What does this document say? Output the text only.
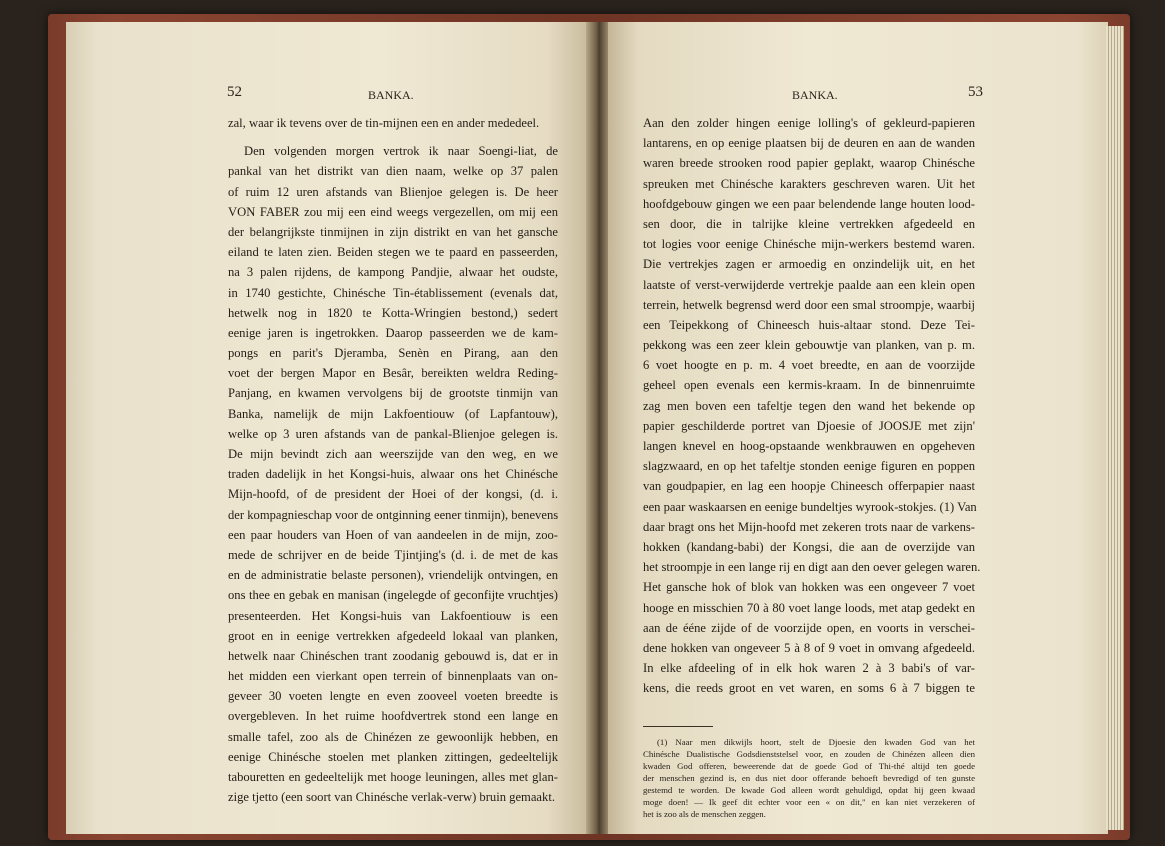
52	BANKA.	BANKA.	53
zal, waar ik tevens over de tin-mijnen een en ander mededeel.
Den volgenden morgen vertrok ik naar Soengi-liat, de
pankal van het distrikt van dien naam, welke op 37 palen
of ruim 12 uren afstands van Blienjoe gelegen is. De heer
VON FABER zou mij een eind weegs vergezellen, om mij een
der belangrijkste tinmijnen in zijn distrikt en van het gansche
eiland te laten zien. Beiden stegen we te paard en passeerden,
na 3 palen rijdens, de kampong Pandjie, alwaar het oudste,
in 1740 gestichte, Chinésche Tin-établissement (evenals dat,
hetwelk nog in 1820 te Kotta-Wringien bestond,) sedert
eenige jaren is ingetrokken. Daarop passeerden we de kam-
pongs en parit's Djeramba, Senèn en Pirang, aan den
voet der bergen Mapor en Besâr, bereikten weldra Reding-
Panjang, en kwamen vervolgens bij de grootste tinmijn van
Banka, namelijk de mijn Lakfoentiouw (of Lapfantouw),
welke op 3 uren afstands van de pankal-Blienjoe gelegen is.
De mijn bevindt zich aan weerszijde van den weg, en we
traden dadelijk in het Kongsi-huis, alwaar ons het Chinésche
Mijn-hoofd, of de president der Hoei of der kongsi, (d. i.
der kompagnieschap voor de ontginning eener tinmijn), benevens
een paar houders van Hoen of van aandeelen in de mijn, zoo-
mede de schrijver en de beide Tjintjing's (d. i. de met de kas
en de administratie belaste personen), vriendelijk ontvingen, en
ons thee en gebak en manisan (ingelegde of geconfijte vruchtjes)
presenteerden. Het Kongsi-huis van Lakfoentiouw is een
groot en in eenige vertrekken afgedeeld lokaal van planken,
hetwelk naar Chinéschen trant zoodanig gebouwd is, dat er in
het midden een vierkant open terrein of binnenplaats van on-
geveer 30 voeten lengte en even zooveel voeten breedte is
overgebleven. In het ruime hoofdvertrek stond een lange en
smalle tafel, zoo als de Chinézen ze gewoonlijk hebben, en
eenige Chinésche stoelen met planken zittingen, gedeeltelijk
tabouretten en gedeeltelijk met hooge leuningen, alles met glan-
zige tjetto (een soort van Chinésche verlak-verw) bruin gemaakt.
Aan den zolder hingen eenige lolling's of gekleurd-papieren
lantarens, en op eenige plaatsen bij de deuren en aan de wanden
waren breede strooken rood papier geplakt, waarop Chinésche
spreuken met Chinésche karakters geschreven waren. Uit het
hoofdgebouw gingen we een paar belendende lange houten lood-
sen door, die in talrijke kleine vertrekken afgedeeld en
tot logies voor eenige Chinésche mijn-werkers bestemd waren.
Die vertrekjes zagen er armoedig en onzindelijk uit, en het
laatste of verst-verwijderde vertrekje paalde aan een klein open
terrein, hetwelk begrensd werd door een smal stroompje, waarbij
een Teipekkong of Chineesch huis-altaar stond. Deze Tei-
pekkong was een zeer klein gebouwtje van planken, van p. m.
6 voet hoogte en p. m. 4 voet breedte, en aan de voorzijde
geheel open evenals een kermis-kraam. In de binnenruimte
zag men boven een tafeltje tegen den wand het bekende op
papier geschilderde portret van Djoesie of JOOSJE met zijn'
langen knevel en hoog-opstaande wenkbrauwen en opgeheven
slagzwaard, en op het tafeltje stonden eenige figuren en poppen
van goudpapier, en lag een hoopje Chineesch offerpapier naast
een paar waskaarsen en eenige bundeltjes wyrook-stokjes. (1) Van
daar bragt ons het Mijn-hoofd met zekeren trots naar de varkens-
hokken (kandang-babi) der Kongsi, die aan de overzijde van
het stroompje in een lange rij en digt aan den oever gelegen waren.
Het gansche hok of blok van hokken was een ongeveer 7 voet
hooge en misschien 70 à 80 voet lange loods, met atap gedekt en
aan de ééne zijde of de voorzijde open, en voorts in verschei-
dene hokken van ongeveer 5 à 8 of 9 voet in omvang afgedeeld.
In elke afdeeling of in elk hok waren 2 à 3 babi's of var-
kens, die reeds groot en vet waren, en soms 6 à 7 biggen te
(1) Naar men dikwijls hoort, stelt de Djoesie den kwaden God van het
Chinésche Dualistische Godsdienststelsel voor, en zouden de Chinézen alleen dien
kwaden God offeren, beweerende dat de goede God of Thi-thé altijd ten goede
der menschen gezind is, en dus niet door offerande behoeft bevredigd of ten gunste
gestemd te worden. De kwade God alleen wordt gehuldigd, opdat hij geen kwaad
moge doen! — Ik geef dit echter voor een « on dit," en kan niet verzekeren of
het is zoo als de menschen zeggen.
